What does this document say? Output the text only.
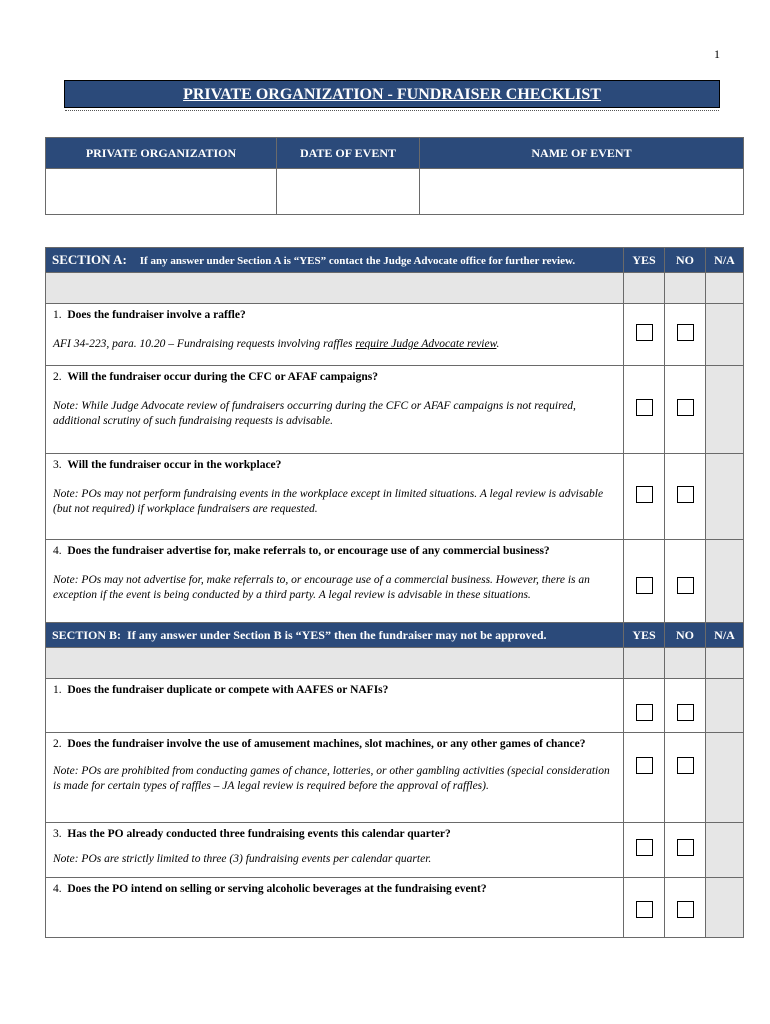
1
PRIVATE ORGANIZATION - FUNDRAISER CHECKLIST
PRIVATE ORGANIZATION	DATE OF EVENT	NAME OF EVENT

SECTION A: If any answer under Section A is “YES” contact the Judge Advocate office for further review.	YES	NO	N/A

1. Does the fundraiser involve a raffle?
AFI 34-223, para. 10.20 – Fundraising requests involving raffles require Judge Advocate review.			

2. Will the fundraiser occur during the CFC or AFAF campaigns?
Note: While Judge Advocate review of fundraisers occurring during the CFC or AFAF campaigns is not required, additional scrutiny of such fundraising requests is advisable.			

3. Will the fundraiser occur in the workplace?
Note: POs may not perform fundraising events in the workplace except in limited situations. A legal review is advisable (but not required) if workplace fundraisers are requested.			

4. Does the fundraiser advertise for, make referrals to, or encourage use of any commercial business?
Note: POs may not advertise for, make referrals to, or encourage use of a commercial business. However, there is an exception if the event is being conducted by a third party. A legal review is advisable in these situations.			

SECTION B: If any answer under Section B is “YES” then the fundraiser may not be approved.	YES	NO	N/A

1. Does the fundraiser duplicate or compete with AAFES or NAFIs?			

2. Does the fundraiser involve the use of amusement machines, slot machines, or any other games of chance?
Note: POs are prohibited from conducting games of chance, lotteries, or other gambling activities (special consideration is made for certain types of raffles – JA legal review is required before the approval of raffles).			

3. Has the PO already conducted three fundraising events this calendar quarter?
Note: POs are strictly limited to three (3) fundraising events per calendar quarter.			

4. Does the PO intend on selling or serving alcoholic beverages at the fundraising event?			
